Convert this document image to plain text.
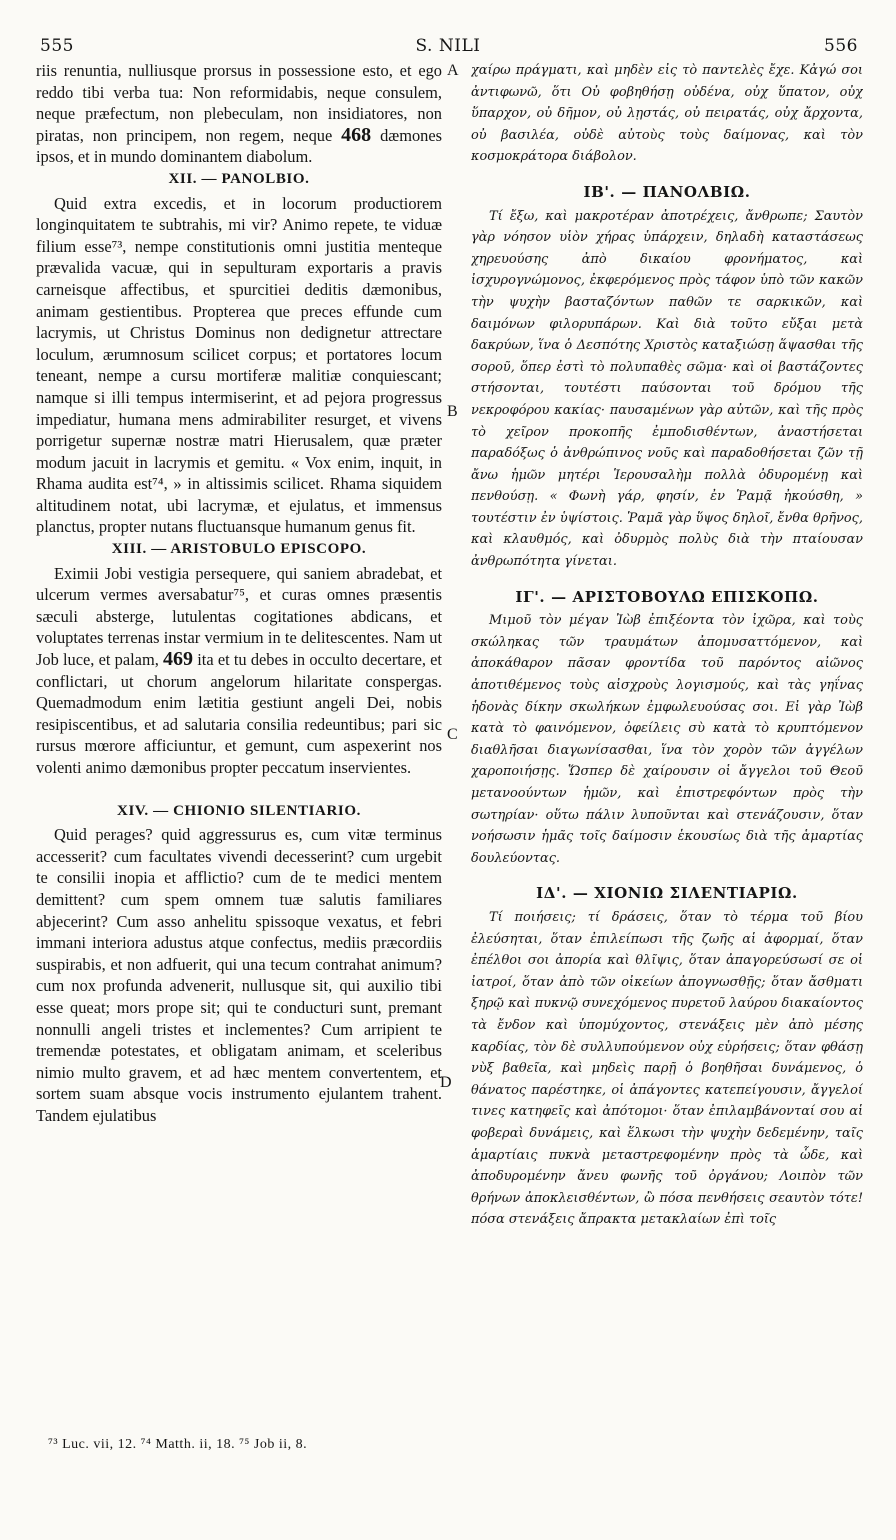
555	S. NILI	556
A
B
C
D

riis renuntia, nulliusque prorsus in possessione esto, et ego reddo tibi verba tua: Non reformidabis, neque consulem, neque præfectum, non plebeculam, non insidiatores, non piratas, non principem, non regem, neque 468 dæmones ipsos, et in mundo dominantem diabolum.

XII. — PANOLBIO.

Quid extra excedis, et in locorum productiorem longinquitatem te subtrahis, mi vir? Animo repete, te viduæ filium esse⁷³, nempe constitutionis omni justitia menteque prævalida vacuæ, qui in sepulturam exportaris a pravis carneisque affectibus, et spurcitiei deditis dæmonibus, animam gestientibus. Propterea que preces effunde cum lacrymis, ut Christus Dominus non dedignetur attrectare loculum, ærumnosum scilicet corpus; et portatores locum teneant, nempe a cursu mortiferæ malitiæ conquiescant; namque si illi tempus intermiserint, et ad pejora progressus impediatur, humana mens admirabiliter resurget, et vivens porrigetur supernæ nostræ matri Hierusalem, quæ præter modum jacuit in lacrymis et gemitu. « Vox enim, inquit, in Rhama audita est⁷⁴, » in altissimis scilicet. Rhama siquidem altitudinem notat, ubi lacrymæ, et ejulatus, et immensus planctus, propter nutans fluctuansque humanum genus fit.

XIII. — ARISTOBULO EPISCOPO.

Eximii Jobi vestigia persequere, qui saniem abradebat, et ulcerum vermes aversabatur⁷⁵, et curas omnes præsentis sæculi absterge, lutulentas cogitationes abdicans, et voluptates terrenas instar vermium in te delitescentes. Nam ut Job luce, et palam, 469 ita et tu debes in occulto decertare, et conflictari, ut chorum angelorum hilaritate conspergas. Quemadmodum enim lætitia gestiunt angeli Dei, nobis resipiscentibus, et ad salutaria consilia redeuntibus; pari sic rursus mœrore afficiuntur, et gemunt, cum aspexerint nos volenti animo dæmonibus propter peccatum inservientes.

XIV. — CHIONIO SILENTIARIO.

Quid perages? quid aggressurus es, cum vitæ terminus accesserit? cum facultates vivendi decesserint? cum urgebit te consilii inopia et afflictio? cum de te medici mentem demittent? cum spem omnem tuæ salutis familiares abjecerint? Cum asso anhelitu spissoque vexatus, et febri immani interiora adustus atque confectus, mediis præcordiis suspirabis, et non adfuerit, qui una tecum contrahat animum? cum nox profunda advenerit, nullusque sit, qui auxilio tibi esse queat; mors prope sit; qui te conducturi sunt, premant nonnulli angeli tristes et inclementes? Cum arripient te tremendæ potestates, et obligatam animam, et sceleribus nimio multo gravem, et ad hæc mentem convertentem, et sortem suam absque vocis instrumento ejulantem trahent. Tandem ejulatibus

χαίρω πράγματι, καὶ μηδὲν εἰς τὸ παντελὲς ἔχε. Κἀγώ σοι ἀντιφωνῶ, ὅτι Οὐ φοβηθήσῃ οὐδένα, οὐχ ὕπατον, οὐχ ὕπαρχον, οὐ δῆμον, οὐ λῃστάς, οὐ πειρατάς, οὐχ ἄρχοντα, οὐ βασιλέα, οὐδὲ αὐτοὺς τοὺς δαίμονας, καὶ τὸν κοσμοκράτορα διάβολον.

ΙΒ'. — ΠΑΝΟΛΒΙΩ.

Τί ἔξω, καὶ μακροτέραν ἀποτρέχεις, ἄνθρωπε; Σαυτὸν γὰρ νόησον υἱὸν χήρας ὑπάρχειν, δηλαδὴ καταστάσεως χηρευούσης ἀπὸ δικαίου φρονήματος, καὶ ἰσχυρογνώμονος, ἐκφερόμενος πρὸς τάφον ὑπὸ τῶν κακῶν τὴν ψυχὴν βασταζόντων παθῶν τε σαρκικῶν, καὶ δαιμόνων φιλορυπάρων. Καὶ διὰ τοῦτο εὔξαι μετὰ δακρύων, ἵνα ὁ Δεσπότης Χριστὸς καταξιώσῃ ἅψασθαι τῆς σοροῦ, ὅπερ ἐστὶ τὸ πολυπαθὲς σῶμα· καὶ οἱ βαστάζοντες στήσονται, τουτέστι παύσονται τοῦ δρόμου τῆς νεκροφόρου κακίας· παυσαμένων γὰρ αὐτῶν, καὶ τῆς πρὸς τὸ χεῖρον προκοπῆς ἐμποδισθέντων, ἀναστήσεται παραδόξως ὁ ἀνθρώπινος νοῦς καὶ παραδοθήσεται ζῶν τῇ ἄνω ἡμῶν μητέρι Ἱερουσαλὴμ πολλὰ ὀδυρομένῃ καὶ πενθούσῃ. « Φωνὴ γάρ, φησίν, ἐν Ῥαμᾷ ἠκούσθη, » τουτέστιν ἐν ὑψίστοις. Ῥαμᾶ γὰρ ὕψος δηλοῖ, ἔνθα θρῆνος, καὶ κλαυθμός, καὶ ὀδυρμὸς πολὺς διὰ τὴν πταίουσαν ἀνθρωπότητα γίνεται.

ΙΓ'. — ΑΡΙΣΤΟΒΟΥΛΩ ΕΠΙΣΚΟΠΩ.

Μιμοῦ τὸν μέγαν Ἰὼβ ἐπιξέοντα τὸν ἰχῶρα, καὶ τοὺς σκώληκας τῶν τραυμάτων ἀπομυσαττόμενον, καὶ ἀποκάθαρον πᾶσαν φροντίδα τοῦ παρόντος αἰῶνος ἀποτιθέμενος τοὺς αἰσχροὺς λογισμούς, καὶ τὰς γηΐνας ἡδονὰς δίκην σκωλήκων ἐμφωλευούσας σοι. Εἰ γὰρ Ἰὼβ κατὰ τὸ φαινόμενον, ὀφείλεις σὺ κατὰ τὸ κρυπτόμενον διαθλῆσαι διαγωνίσασθαι, ἵνα τὸν χορὸν τῶν ἀγγέλων χαροποιήσῃς. Ὥσπερ δὲ χαίρουσιν οἱ ἄγγελοι τοῦ Θεοῦ μετανοούντων ἡμῶν, καὶ ἐπιστρεφόντων πρὸς τὴν σωτηρίαν· οὕτω πάλιν λυποῦνται καὶ στενάζουσιν, ὅταν νοήσωσιν ἡμᾶς τοῖς δαίμοσιν ἑκουσίως διὰ τῆς ἁμαρτίας δουλεύοντας.

ΙΔ'. — ΧΙΟΝΙΩ ΣΙΛΕΝΤΙΑΡΙΩ.

Τί ποιήσεις; τί δράσεις, ὅταν τὸ τέρμα τοῦ βίου ἐλεύσηται, ὅταν ἐπιλείπωσι τῆς ζωῆς αἱ ἀφορμαί, ὅταν ἐπέλθοι σοι ἀπορία καὶ θλῖψις, ὅταν ἀπαγορεύσωσί σε οἱ ἰατροί, ὅταν ἀπὸ τῶν οἰκείων ἀπογνωσθῇς; ὅταν ἄσθματι ξηρῷ καὶ πυκνῷ συνεχόμενος πυρετοῦ λαύρου διακαίοντος τὰ ἔνδον καὶ ὑπομύχοντος, στενάξεις μὲν ἀπὸ μέσης καρδίας, τὸν δὲ συλλυπούμενον οὐχ εὑρήσεις; ὅταν φθάσῃ νὺξ βαθεῖα, καὶ μηδεὶς παρῇ ὁ βοηθῆσαι δυνάμενος, ὁ θάνατος παρέστηκε, οἱ ἀπάγοντες κατεπείγουσιν, ἄγγελοί τινες κατηφεῖς καὶ ἀπότομοι· ὅταν ἐπιλαμβάνονταί σου αἱ φοβεραὶ δυνάμεις, καὶ ἕλκωσι τὴν ψυχὴν δεδεμένην, ταῖς ἁμαρτίαις πυκνὰ μεταστρεφομένην πρὸς τὰ ὧδε, καὶ ἀποδυρομένην ἄνευ φωνῆς τοῦ ὀργάνου; Λοιπὸν τῶν θρήνων ἀποκλεισθέντων, ὢ πόσα πενθήσεις σεαυτὸν τότε! πόσα στενάξεις ἄπρακτα μετακλαίων ἐπὶ τοῖς

⁷³ Luc. vii, 12. ⁷⁴ Matth. ii, 18. ⁷⁵ Job ii, 8.
